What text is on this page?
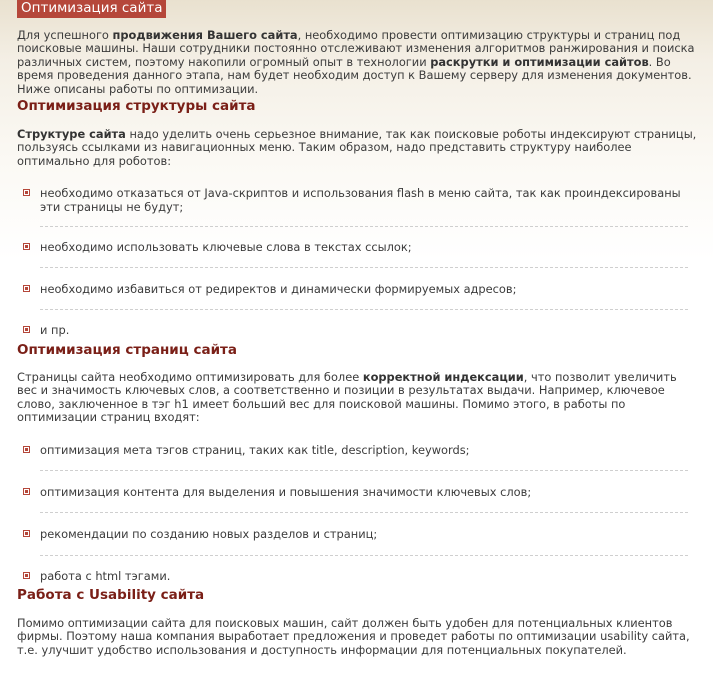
Оптимизация сайта
Для успешного продвижения Вашего сайта, необходимо провести оптимизацию структуры и страниц под поисковые машины. Наши сотрудники постоянно отслеживают изменения алгоритмов ранжирования и поиска различных систем, поэтому накопили огромный опыт в технологии раскрутки и оптимизации сайтов. Во время проведения данного этапа, нам будет необходим доступ к Вашему серверу для изменения документов. Ниже описаны работы по оптимизации.
Оптимизация структуры сайта
Структуре сайта надо уделить очень серьезное внимание, так как поисковые роботы индексируют страницы, пользуясь ссылками из навигационных меню. Таким образом, надо представить структуру наиболее оптимально для роботов:
необходимо отказаться от Java-скриптов и использования flash в меню сайта, так как проиндексированы эти страницы не будут;
необходимо использовать ключевые слова в текстах ссылок;
необходимо избавиться от редиректов и динамически формируемых адресов;
и пр.
Оптимизация страниц сайта
Страницы сайта необходимо оптимизировать для более корректной индексации, что позволит увеличить вес и значимость ключевых слов, а соответственно и позиции в результатах выдачи. Например, ключевое слово, заключенное в тэг h1 имеет больший вес для поисковой машины. Помимо этого, в работы по оптимизации страниц входят:
оптимизация мета тэгов страниц, таких как title, description, keywords;
оптимизация контента для выделения и повышения значимости ключевых слов;
рекомендации по созданию новых разделов и страниц;
работа с html тэгами.
Работа с Usability сайта
Помимо оптимизации сайта для поисковых машин, сайт должен быть удобен для потенциальных клиентов фирмы. Поэтому наша компания выработает предложения и проведет работы по оптимизации usability сайта, т.е. улучшит удобство использования и доступность информации для потенциальных покупателей.
